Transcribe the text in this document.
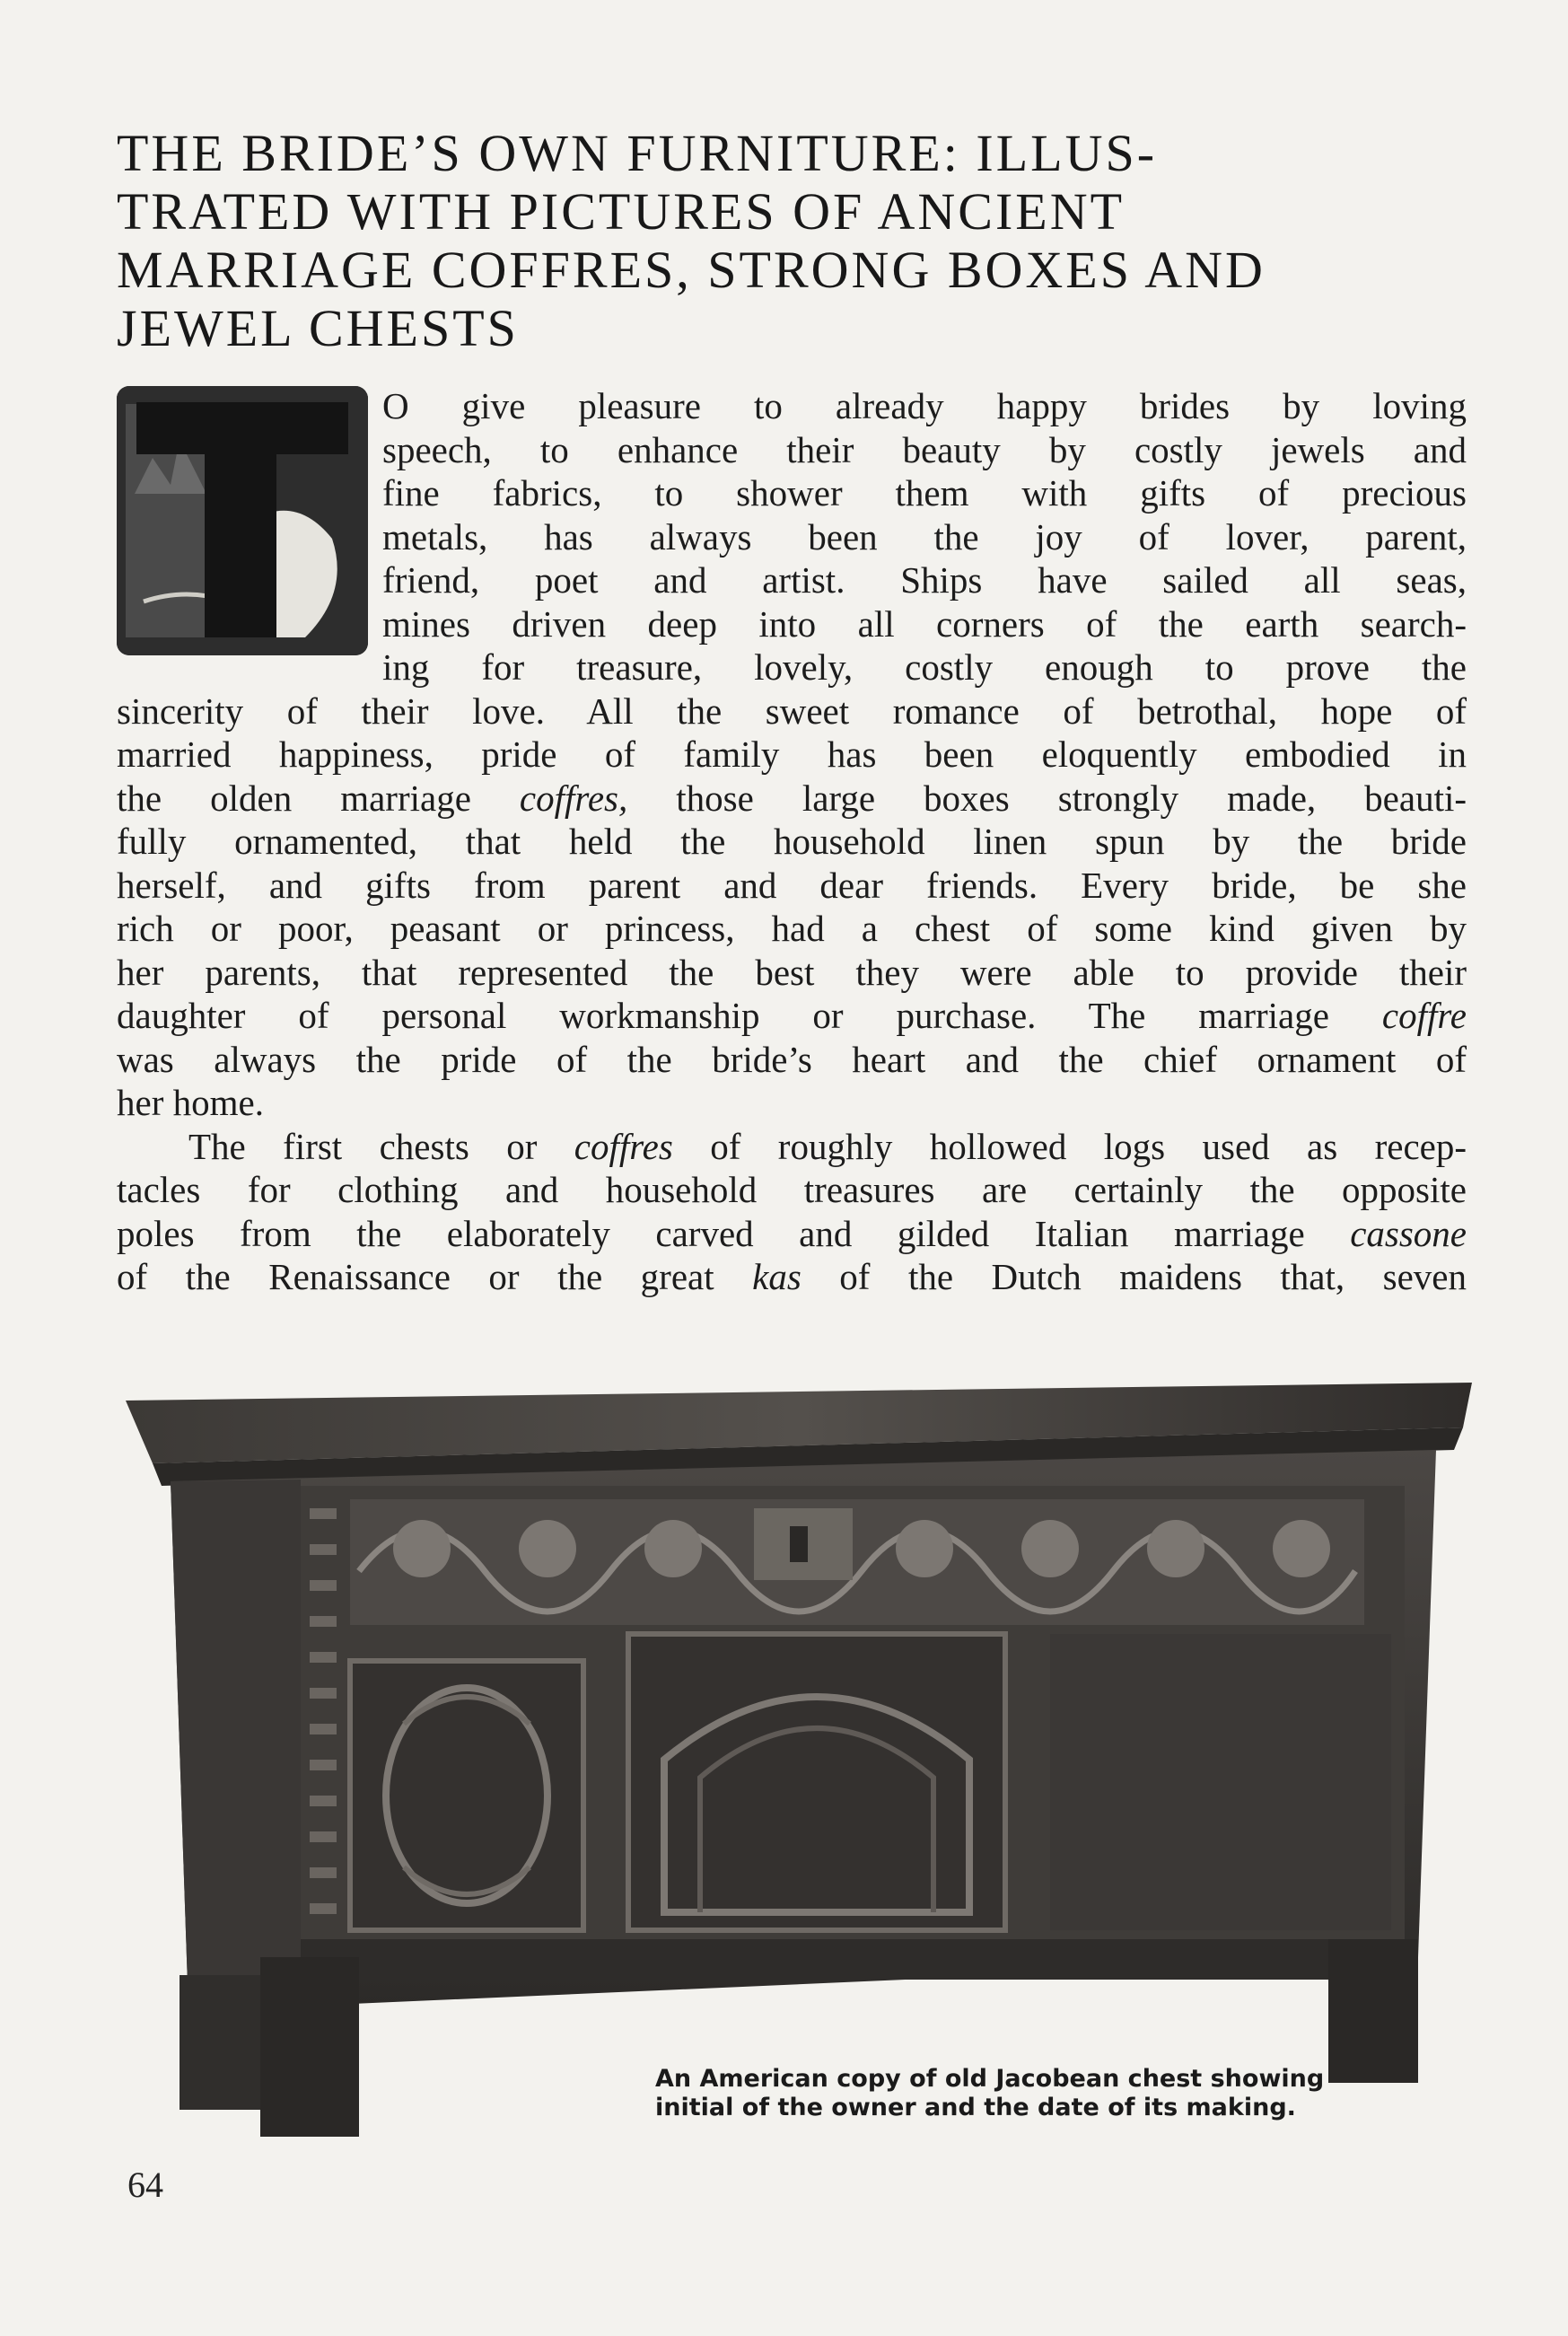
THE BRIDE’S OWN FURNITURE: ILLUS-
TRATED WITH PICTURES OF ANCIENT
MARRIAGE COFFRES, STRONG BOXES AND
JEWEL CHESTS
O give pleasure to already happy brides by loving
speech, to enhance their beauty by costly jewels and
fine fabrics, to shower them with gifts of precious
metals, has always been the joy of lover, parent,
friend, poet and artist. Ships have sailed all seas,
mines driven deep into all corners of the earth search-
ing for treasure, lovely, costly enough to prove the
sincerity of their love. All the sweet romance of betrothal, hope of
married happiness, pride of family has been eloquently embodied in
the olden marriage coffres, those large boxes strongly made, beauti-
fully ornamented, that held the household linen spun by the bride
herself, and gifts from parent and dear friends. Every bride, be she
rich or poor, peasant or princess, had a chest of some kind given by
her parents, that represented the best they were able to provide their
daughter of personal workmanship or purchase. The marriage coffre
was always the pride of the bride’s heart and the chief ornament of
her home.
The first chests or coffres of roughly hollowed logs used as recep-
tacles for clothing and household treasures are certainly the opposite
poles from the elaborately carved and gilded Italian marriage cassone
of the Renaissance or the great kas of the Dutch maidens that, seven
An American copy of old Jacobean chest showing
initial of the owner and the date of its making.
64
